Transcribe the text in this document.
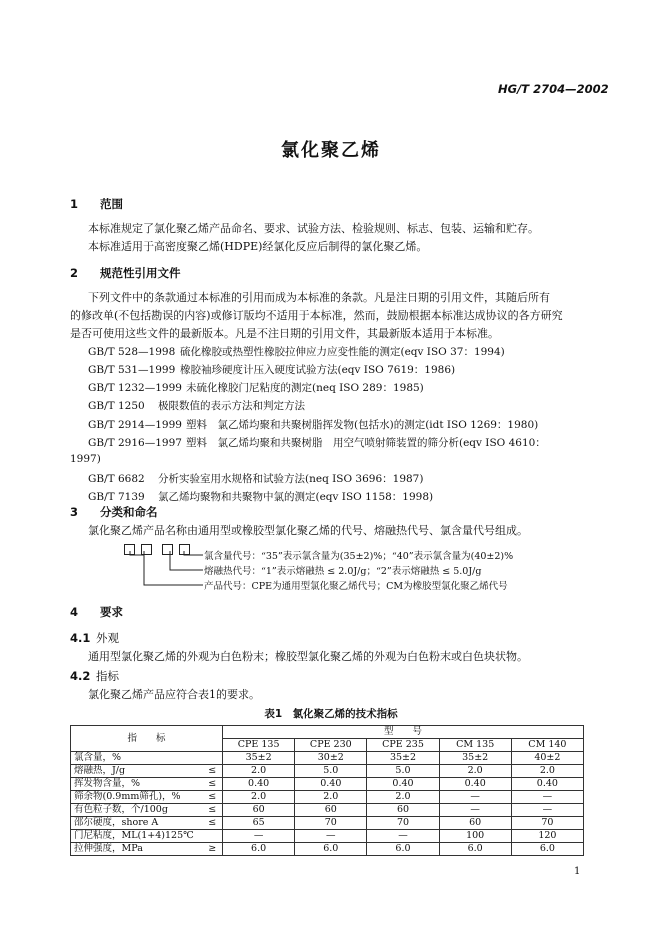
HG/T 2704—2002
氯化聚乙烯
1 范围
本标准规定了氯化聚乙烯产品命名、要求、试验方法、检验规则、标志、包装、运输和贮存。
本标准适用于高密度聚乙烯(HDPE)经氯化反应后制得的氯化聚乙烯。
2 规范性引用文件
下列文件中的条款通过本标准的引用而成为本标准的条款。凡是注日期的引用文件，其随后所有
的修改单(不包括勘误的内容)或修订版均不适用于本标准，然而，鼓励根据本标准达成协议的各方研究
是否可使用这些文件的最新版本。凡是不注日期的引用文件，其最新版本适用于本标准。
GB/T 528—1998 硫化橡胶或热塑性橡胶拉伸应力应变性能的测定(eqv ISO 37：1994)
GB/T 531—1999 橡胶袖珍硬度计压入硬度试验方法(eqv ISO 7619：1986)
GB/T 1232—1999 未硫化橡胶门尼粘度的测定(neq ISO 289：1985)
GB/T 1250 极限数值的表示方法和判定方法
GB/T 2914—1999 塑料　氯乙烯均聚和共聚树脂挥发物(包括水)的测定(idt ISO 1269：1980)
GB/T 2916—1997 塑料　氯乙烯均聚和共聚树脂　用空气喷射筛装置的筛分析(eqv ISO 4610：
1997)
GB/T 6682 分析实验室用水规格和试验方法(neq ISO 3696：1987)
GB/T 7139 氯乙烯均聚物和共聚物中氯的测定(eqv ISO 1158：1998)
3 分类和命名
氯化聚乙烯产品名称由通用型或橡胶型氯化聚乙烯的代号、熔融热代号、氯含量代号组成。
氯含量代号：“35”表示氯含量为(35±2)%；“40”表示氯含量为(40±2)%
熔融热代号：“1”表示熔融热 ≤ 2.0J/g；“2”表示熔融热 ≤ 5.0J/g
产品代号：CPE为通用型氯化聚乙烯代号；CM为橡胶型氯化聚乙烯代号
4 要求
4.1 外观
通用型氯化聚乙烯的外观为白色粉末；橡胶型氯化聚乙烯的外观为白色粉末或白色块状物。
4.2 指标
氯化聚乙烯产品应符合表1的要求。
表1　氯化聚乙烯的技术指标
指　　标		型　　号				
		CPE 135	CPE 230	CPE 235	CM 135	CM 140
氯含量，%		35±2	30±2	35±2	35±2	40±2
熔融热，J/g	≤	2.0	5.0	5.0	2.0	2.0
挥发物含量，%	≤	0.40	0.40	0.40	0.40	0.40
筛余物(0.9mm筛孔)，%	≤	2.0	2.0	2.0	—	—
有色粒子数，个/100g	≤	60	60	60	—	—
邵尔硬度，shore A	≤	65	70	70	60	70
门尼粘度，ML(1+4)125℃		—	—	—	100	120
拉伸强度，MPa	≥	6.0	6.0	6.0	6.0	6.0
1
